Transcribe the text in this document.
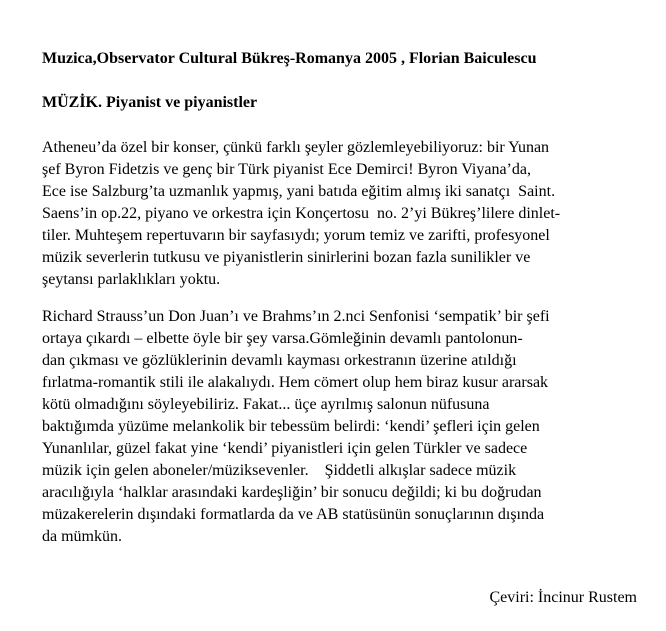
Muzica,Observator Cultural Bükreş-Romanya 2005 , Florian Baiculescu
MÜZİK. Piyanist ve piyanistler
Atheneu’da özel bir konser, çünkü farklı şeyler gözlemleyebiliyoruz: bir Yunan
şef Byron Fidetzis ve genç bir Türk piyanist Ece Demirci! Byron Viyana’da,
Ece ise Salzburg’ta uzmanlık yapmış, yani batıda eğitim almış iki sanatçı  Saint.
Saens’in op.22, piyano ve orkestra için Konçertosu  no. 2’yi Bükreş’lilere dinlet-
tiler. Muhteşem repertuvarın bir sayfasıydı; yorum temiz ve zarifti, profesyonel
müzik severlerin tutkusu ve piyanistlerin sinirlerini bozan fazla sunilikler ve
şeytansı parlaklıkları yoktu.
Richard Strauss’un Don Juan’ı ve Brahms’ın 2.nci Senfonisi ‘sempatik’ bir şefi
ortaya çıkardı – elbette öyle bir şey varsa.Gömleğinin devamlı pantolonun-
dan çıkması ve gözlüklerinin devamlı kayması orkestranın üzerine atıldığı
fırlatma-romantik stili ile alakalıydı. Hem cömert olup hem biraz kusur ararsak
kötü olmadığını söyleyebiliriz. Fakat... üçe ayrılmış salonun nüfusuna
baktığımda yüzüme melankolik bir tebessüm belirdi: ‘kendi’ şefleri için gelen
Yunanlılar, güzel fakat yine ‘kendi’ piyanistleri için gelen Türkler ve sadece
müzik için gelen aboneler/müziksevenler.    Şiddetli alkışlar sadece müzik
aracılığıyla ‘halklar arasındaki kardeşliğin’ bir sonucu değildi; ki bu doğrudan
müzakerelerin dışındaki formatlarda da ve AB statüsünün sonuçlarının dışında
da mümkün.
Çeviri: İncinur Rustem
